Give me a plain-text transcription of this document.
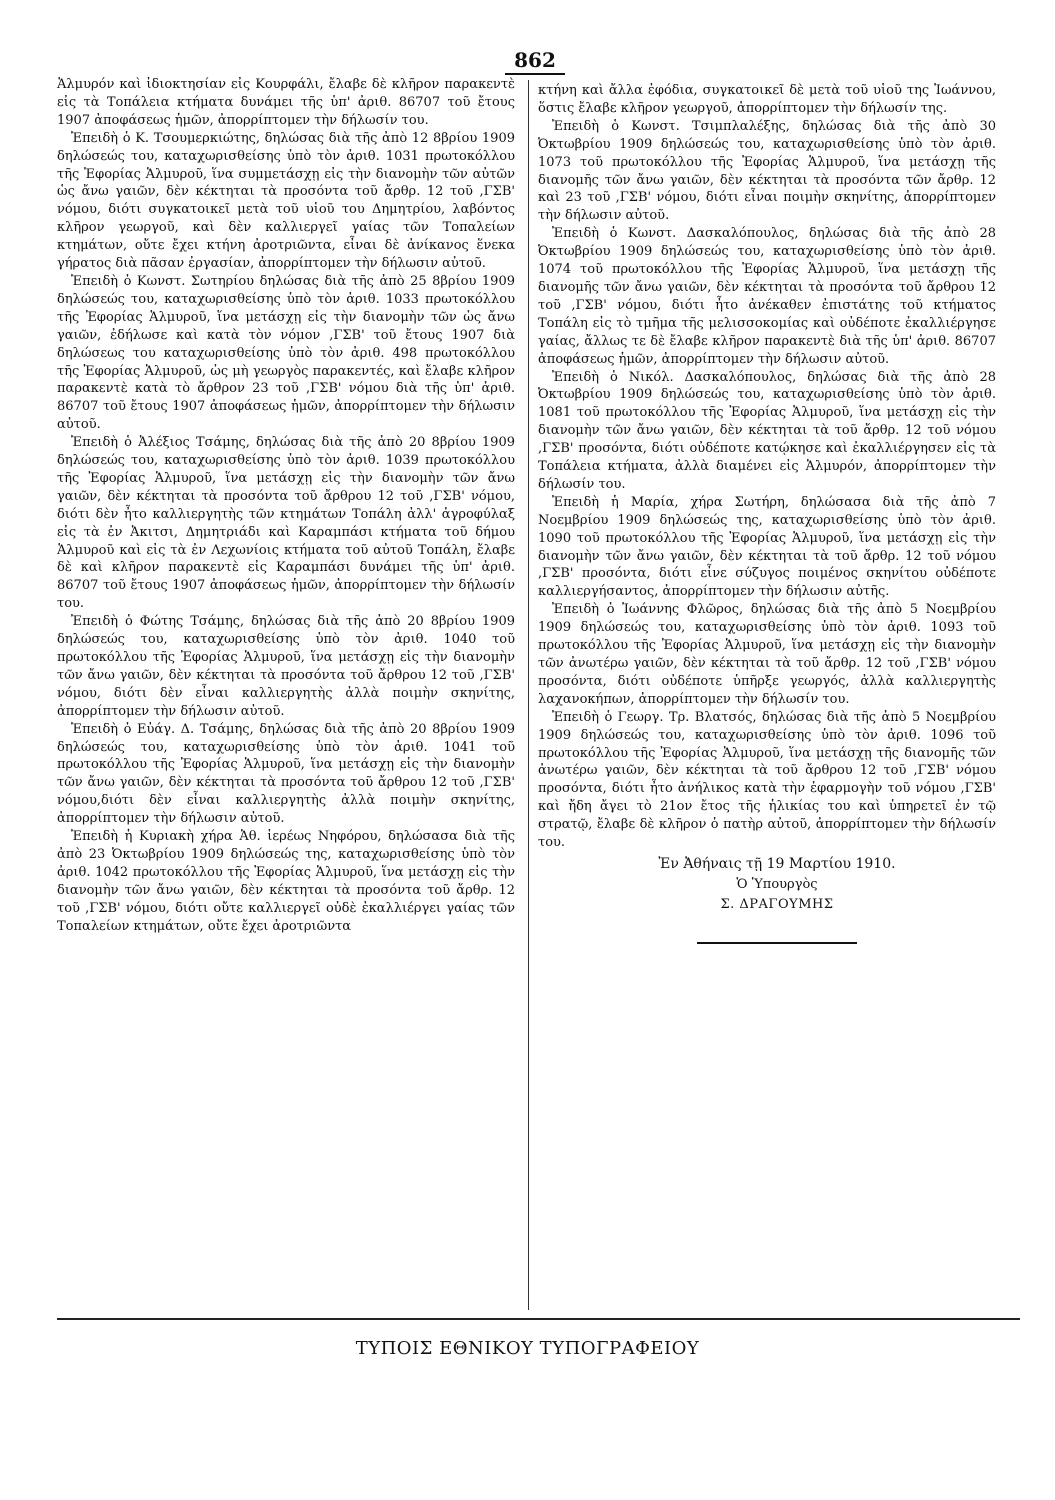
862

Ἁλμυρόν καὶ ἰδιοκτησίαν εἰς Κουρφάλι, ἔλαβε δὲ κλῆρον παρακεντὲ εἰς τὰ Τοπάλεια κτήματα δυνάμει τῆς ὑπ' ἀριθ. 86707 τοῦ ἔτους 1907 ἀποφάσεως ἡμῶν, ἀπορρίπτομεν τὴν δήλωσίν του.

Ἐπειδὴ ὁ Κ. Τσουμερκιώτης, δηλώσας διὰ τῆς ἀπὸ 12 8βρίου 1909 δηλώσεώς του, καταχωρισθείσης ὑπὸ τὸν ἀριθ. 1031 πρωτοκόλλου τῆς Ἐφορίας Ἁλμυροῦ, ἵνα συμμετάσχῃ εἰς τὴν διανομὴν τῶν αὐτῶν ὡς ἄνω γαιῶν, δὲν κέκτηται τὰ προσόντα τοῦ ἄρθρ. 12 τοῦ ,ΓΣΒ' νόμου, διότι συγκατοικεῖ μετὰ τοῦ υἱοῦ του Δημητρίου, λαβόντος κλῆρον γεωργοῦ, καὶ δὲν καλλιεργεῖ γαίας τῶν Τοπαλείων κτημάτων, οὔτε ἔχει κτήνη ἀροτριῶντα, εἶναι δὲ ἀνίκανος ἕνεκα γήρατος διὰ πᾶσαν ἐργασίαν, ἀπορρίπτομεν τὴν δήλωσιν αὐτοῦ.

Ἐπειδὴ ὁ Κωνστ. Σωτηρίου δηλώσας διὰ τῆς ἀπὸ 25 8βρίου 1909 δηλώσεώς του, καταχωρισθείσης ὑπὸ τὸν ἀριθ. 1033 πρωτοκόλλου τῆς Ἐφορίας Ἁλμυροῦ, ἵνα μετάσχῃ εἰς τὴν διανομὴν τῶν ὡς ἄνω γαιῶν, ἐδήλωσε καὶ κατὰ τὸν νόμον ,ΓΣΒ' τοῦ ἔτους 1907 διὰ δηλώσεως του καταχωρισθείσης ὑπὸ τὸν ἀριθ. 498 πρωτοκόλλου τῆς Ἐφορίας Ἁλμυροῦ, ὡς μὴ γεωργὸς παρακεντές, καὶ ἔλαβε κλῆρον παρακεντὲ κατὰ τὸ ἄρθρον 23 τοῦ ,ΓΣΒ' νόμου διὰ τῆς ὑπ' ἀριθ. 86707 τοῦ ἔτους 1907 ἀποφάσεως ἡμῶν, ἀπορρίπτομεν τὴν δήλωσιν αὐτοῦ.

Ἐπειδὴ ὁ Ἀλέξιος Τσάμης, δηλώσας διὰ τῆς ἀπὸ 20 8βρίου 1909 δηλώσεώς του, καταχωρισθείσης ὑπὸ τὸν ἀριθ. 1039 πρωτοκόλλου τῆς Ἐφορίας Ἁλμυροῦ, ἵνα μετάσχῃ εἰς τὴν διανομὴν τῶν ἄνω γαιῶν, δὲν κέκτηται τὰ προσόντα τοῦ ἄρθρου 12 τοῦ ,ΓΣΒ' νόμου, διότι δὲν ἦτο καλλιεργητὴς τῶν κτημάτων Τοπάλη ἀλλ' ἀγροφύλαξ εἰς τὰ ἐν Ἀκιτσι, Δημητριάδι καὶ Καραμπάσι κτήματα τοῦ δήμου Ἁλμυροῦ καὶ εἰς τὰ ἐν Λεχωνίοις κτήματα τοῦ αὐτοῦ Τοπάλη, ἔλαβε δὲ καὶ κλῆρον παρακεντὲ εἰς Καραμπάσι δυνάμει τῆς ὑπ' ἀριθ. 86707 τοῦ ἔτους 1907 ἀποφάσεως ἡμῶν, ἀπορρίπτομεν τὴν δήλωσίν του.

Ἐπειδὴ ὁ Φώτης Τσάμης, δηλώσας διὰ τῆς ἀπὸ 20 8βρίου 1909 δηλώσεώς του, καταχωρισθείσης ὑπὸ τὸν ἀριθ. 1040 τοῦ πρωτοκόλλου τῆς Ἐφορίας Ἁλμυροῦ, ἵνα μετάσχῃ εἰς τὴν διανομὴν τῶν ἄνω γαιῶν, δὲν κέκτηται τὰ προσόντα τοῦ ἄρθρου 12 τοῦ ,ΓΣΒ' νόμου, διότι δὲν εἶναι καλλιεργητὴς ἀλλὰ ποιμὴν σκηνίτης, ἀπορρίπτομεν τὴν δήλωσιν αὐτοῦ.

Ἐπειδὴ ὁ Εὐάγ. Δ. Τσάμης, δηλώσας διὰ τῆς ἀπὸ 20 8βρίου 1909 δηλώσεώς του, καταχωρισθείσης ὑπὸ τὸν ἀριθ. 1041 τοῦ πρωτοκόλλου τῆς Ἐφορίας Ἁλμυροῦ, ἵνα μετάσχῃ εἰς τὴν διανομὴν τῶν ἄνω γαιῶν, δὲν κέκτηται τὰ προσόντα τοῦ ἄρθρου 12 τοῦ ,ΓΣΒ' νόμου,διότι δὲν εἶναι καλλιεργητὴς ἀλλὰ ποιμὴν σκηνίτης, ἀπορρίπτομεν τὴν δήλωσιν αὐτοῦ.

Ἐπειδὴ ἡ Κυριακὴ χήρα Ἀθ. ἱερέως Νηφόρου, δηλώσασα διὰ τῆς ἀπὸ 23 Ὀκτωβρίου 1909 δηλώσεώς της, καταχωρισθείσης ὑπὸ τὸν ἀριθ. 1042 πρωτοκόλλου τῆς Ἐφορίας Ἁλμυροῦ, ἵνα μετάσχῃ εἰς τὴν διανομὴν τῶν ἄνω γαιῶν, δὲν κέκτηται τὰ προσόντα τοῦ ἄρθρ. 12 τοῦ ,ΓΣΒ' νόμου, διότι οὔτε καλλιεργεῖ οὐδὲ ἐκαλλιέργει γαίας τῶν Τοπαλείων κτημάτων, οὔτε ἔχει ἀροτριῶντα

κτήνη καὶ ἄλλα ἐφόδια, συγκατοικεῖ δὲ μετὰ τοῦ υἱοῦ της Ἰωάννου, ὅστις ἔλαβε κλῆρον γεωργοῦ, ἀπορρίπτομεν τὴν δήλωσίν της.

Ἐπειδὴ ὁ Κωνστ. Τσιμπλαλέξης, δηλώσας διὰ τῆς ἀπὸ 30 Ὀκτωβρίου 1909 δηλώσεώς του, καταχωρισθείσης ὑπὸ τὸν ἀριθ. 1073 τοῦ πρωτοκόλλου τῆς Ἐφορίας Ἁλμυροῦ, ἵνα μετάσχῃ τῆς διανομῆς τῶν ἄνω γαιῶν, δὲν κέκτηται τὰ προσόντα τῶν ἄρθρ. 12 καὶ 23 τοῦ ,ΓΣΒ' νόμου, διότι εἶναι ποιμὴν σκηνίτης, ἀπορρίπτομεν τὴν δήλωσιν αὐτοῦ.

Ἐπειδὴ ὁ Κωνστ. Δασκαλόπουλος, δηλώσας διὰ τῆς ἀπὸ 28 Ὀκτωβρίου 1909 δηλώσεώς του, καταχωρισθείσης ὑπὸ τὸν ἀριθ. 1074 τοῦ πρωτοκόλλου τῆς Ἐφορίας Ἁλμυροῦ, ἵνα μετάσχῃ τῆς διανομῆς τῶν ἄνω γαιῶν, δὲν κέκτηται τὰ προσόντα τοῦ ἄρθρου 12 τοῦ ,ΓΣΒ' νόμου, διότι ἦτο ἀνέκαθεν ἐπιστάτης τοῦ κτήματος Τοπάλη εἰς τὸ τμῆμα τῆς μελισσοκομίας καὶ οὐδέποτε ἐκαλλιέργησε γαίας, ἄλλως τε δὲ ἔλαβε κλῆρον παρακεντὲ διὰ τῆς ὑπ' ἀριθ. 86707 ἀποφάσεως ἡμῶν, ἀπορρίπτομεν τὴν δήλωσιν αὐτοῦ.

Ἐπειδὴ ὁ Νικόλ. Δασκαλόπουλος, δηλώσας διὰ τῆς ἀπὸ 28 Ὀκτωβρίου 1909 δηλώσεώς του, καταχωρισθείσης ὑπὸ τὸν ἀριθ. 1081 τοῦ πρωτοκόλλου τῆς Ἐφορίας Ἁλμυροῦ, ἵνα μετάσχῃ εἰς τὴν διανομὴν τῶν ἄνω γαιῶν, δὲν κέκτηται τὰ τοῦ ἄρθρ. 12 τοῦ νόμου ,ΓΣΒ' προσόντα, διότι οὐδέποτε κατῴκησε καὶ ἐκαλλιέργησεν εἰς τὰ Τοπάλεια κτήματα, ἀλλὰ διαμένει εἰς Ἁλμυρόν, ἀπορρίπτομεν τὴν δήλωσίν του.

Ἐπειδὴ ἡ Μαρία, χήρα Σωτήρη, δηλώσασα διὰ τῆς ἀπὸ 7 Νοεμβρίου 1909 δηλώσεώς της, καταχωρισθείσης ὑπὸ τὸν ἀριθ. 1090 τοῦ πρωτοκόλλου τῆς Ἐφορίας Ἁλμυροῦ, ἵνα μετάσχῃ εἰς τὴν διανομὴν τῶν ἄνω γαιῶν, δὲν κέκτηται τὰ τοῦ ἄρθρ. 12 τοῦ νόμου ,ΓΣΒ' προσόντα, διότι εἶνε σύζυγος ποιμένος σκηνίτου οὐδέποτε καλλιεργήσαντος, ἀπορρίπτομεν τὴν δήλωσιν αὐτῆς.

Ἐπειδὴ ὁ Ἰωάννης Φλῶρος, δηλώσας διὰ τῆς ἀπὸ 5 Νοεμβρίου 1909 δηλώσεώς του, καταχωρισθείσης ὑπὸ τὸν ἀριθ. 1093 τοῦ πρωτοκόλλου τῆς Ἐφορίας Ἁλμυροῦ, ἵνα μετάσχῃ εἰς τὴν διανομὴν τῶν ἀνωτέρω γαιῶν, δὲν κέκτηται τὰ τοῦ ἄρθρ. 12 τοῦ ,ΓΣΒ' νόμου προσόντα, διότι οὐδέποτε ὑπῆρξε γεωργός, ἀλλὰ καλλιεργητὴς λαχανοκήπων, ἀπορρίπτομεν τὴν δήλωσίν του.

Ἐπειδὴ ὁ Γεωργ. Τρ. Βλατσός, δηλώσας διὰ τῆς ἀπὸ 5 Νοεμβρίου 1909 δηλώσεώς του, καταχωρισθείσης ὑπὸ τὸν ἀριθ. 1096 τοῦ πρωτοκόλλου τῆς Ἐφορίας Ἁλμυροῦ, ἵνα μετάσχῃ τῆς διανομῆς τῶν ἀνωτέρω γαιῶν, δὲν κέκτηται τὰ τοῦ ἄρθρου 12 τοῦ ,ΓΣΒ' νόμου προσόντα, διότι ἦτο ἀνήλικος κατὰ τὴν ἐφαρμογὴν τοῦ νόμου ,ΓΣΒ' καὶ ἤδη ἄγει τὸ 21ον ἔτος τῆς ἡλικίας του καὶ ὑπηρετεῖ ἐν τῷ στρατῷ, ἔλαβε δὲ κλῆρον ὁ πατὴρ αὐτοῦ, ἀπορρίπτομεν τὴν δήλωσίν του.

Ἐν Ἀθήναις τῇ 19 Μαρτίου 1910.
Ὁ Ὑπουργὸς
Σ. ΔΡΑΓΟΥΜΗΣ
ΤΥΠΟΙΣ ΕΘΝΙΚΟΥ ΤΥΠΟΓΡΑΦΕΙΟΥ
